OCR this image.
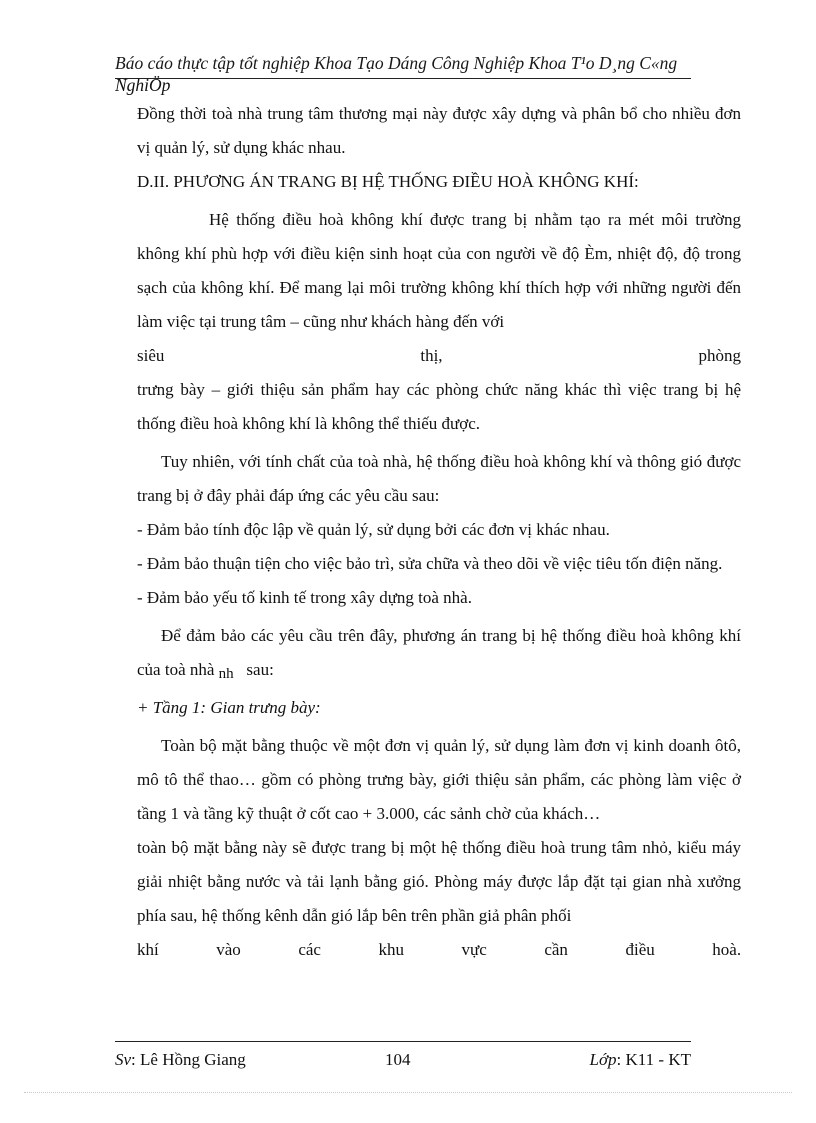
Báo cáo thực tập tốt nghiệp Khoa Tạo Dáng Công Nghiệp Khoa T¹o D¸ng C«ng
NghiÖp

Đồng thời toà nhà trung tâm thương mại này được xây dựng và phân bổ cho nhiều đơn vị quản lý, sử dụng khác nhau.

D.II. PHƯƠNG ÁN TRANG BỊ HỆ THỐNG ĐIỀU HOÀ KHÔNG KHÍ:

Hệ thống điều hoà không khí được trang bị nhằm tạo ra mét môi trường không khí phù hợp với điều kiện sinh hoạt của con người về độ Èm, nhiệt độ, độ trong sạch của không khí. Để mang lại môi trường không khí thích hợp với những người đến làm việc tại trung tâm – cũng như khách hàng đến với

siêu	thị,	phòng

trưng bày – giới thiệu sản phẩm hay các phòng chức năng khác thì việc trang bị hệ thống điều hoà không khí là không thể thiếu được.

Tuy nhiên, với tính chất của toà nhà, hệ thống điều hoà không khí và thông gió được trang bị ở đây phải đáp ứng các yêu cầu sau:

- Đảm bảo tính độc lập về quản lý, sử dụng bởi các đơn vị khác nhau.

- Đảm bảo thuận tiện cho việc bảo trì, sửa chữa và theo dõi về việc tiêu tốn điện năng.

- Đảm bảo yếu tố kinh tế trong xây dựng toà nhà.

Để đảm bảo các yêu cầu trên đây, phương án trang bị hệ thống điều hoà không khí của toà nhà nh sau:

+ Tầng 1: Gian trưng bày:

Toàn bộ mặt bằng thuộc về một đơn vị quản lý, sử dụng làm đơn vị kinh doanh ôtô, mô tô thể thao… gồm có phòng trưng bày, giới thiệu sản phẩm, các phòng làm việc ở tầng 1 và tầng kỹ thuật ở cốt cao + 3.000, các sảnh chờ của khách…

toàn bộ mặt bằng này sẽ được trang bị một hệ thống điều hoà trung tâm nhỏ, kiểu máy giải nhiệt bằng nước và tải lạnh bằng gió. Phòng máy được lắp đặt tại gian nhà xưởng phía sau, hệ thống kênh dẫn gió lắp bên trên phần giả phân phối

khí	vào	các	khu	vực	cần	điều	hoà.

Sv: Lê Hồng Giang	104	Lớp: K11 - KT
